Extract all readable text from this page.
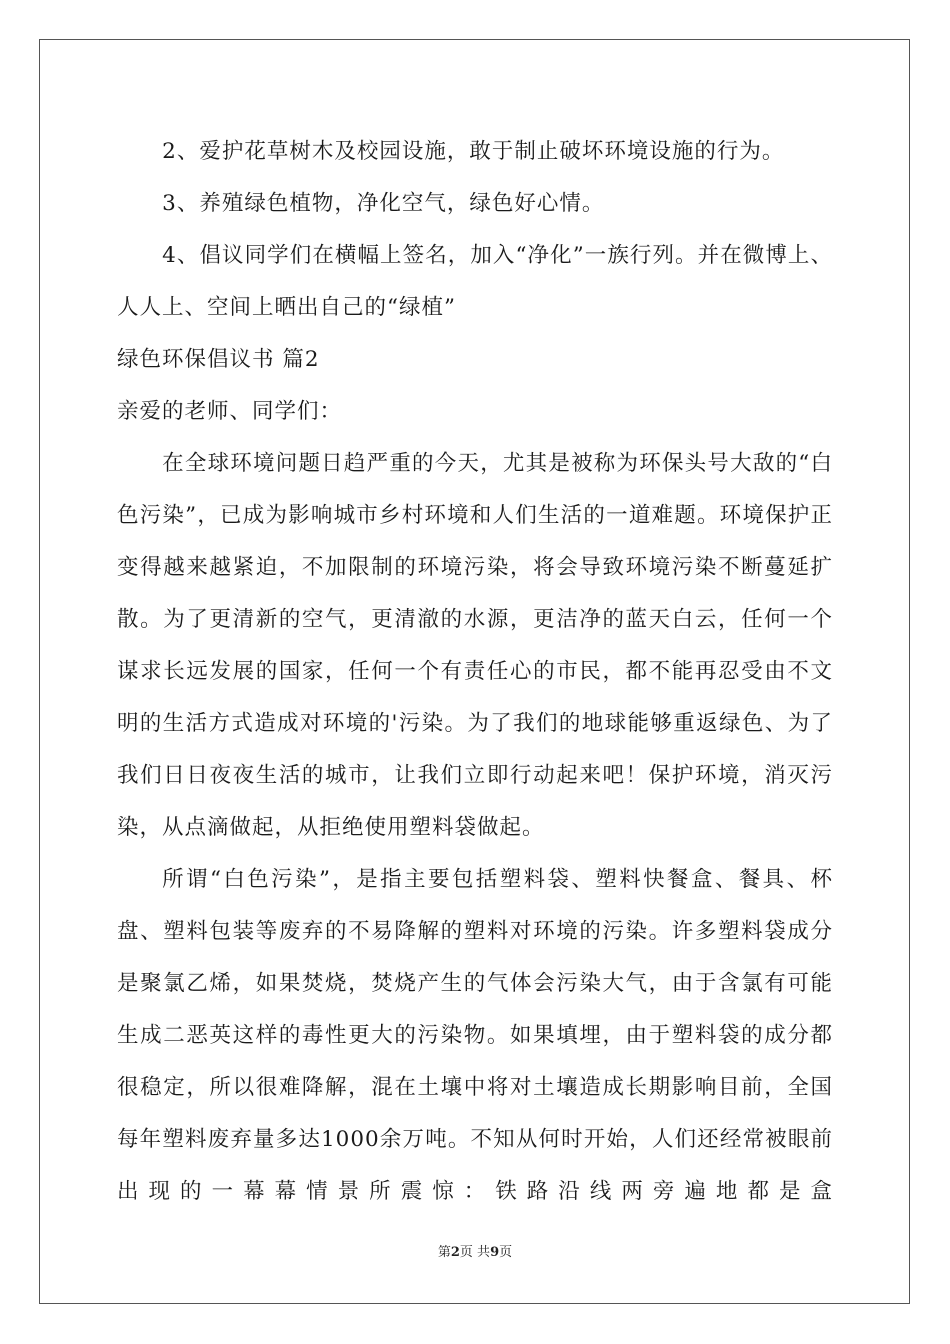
2、爱护花草树木及校园设施，敢于制止破坏环境设施的行为。

3、养殖绿色植物，净化空气，绿色好心情。

4、倡议同学们在横幅上签名，加入“净化”一族行列。并在微博上、人人上、空间上晒出自己的“绿植”

绿色环保倡议书 篇2

亲爱的老师、同学们：

在全球环境问题日趋严重的今天，尤其是被称为环保头号大敌的“白色污染”，已成为影响城市乡村环境和人们生活的一道难题。环境保护正变得越来越紧迫，不加限制的环境污染，将会导致环境污染不断蔓延扩散。为了更清新的空气，更清澈的水源，更洁净的蓝天白云，任何一个谋求长远发展的国家，任何一个有责任心的市民，都不能再忍受由不文明的生活方式造成对环境的'污染。为了我们的地球能够重返绿色、为了我们日日夜夜生活的城市，让我们立即行动起来吧！保护环境，消灭污染，从点滴做起，从拒绝使用塑料袋做起。

所谓“白色污染”，是指主要包括塑料袋、塑料快餐盒、餐具、杯盘、塑料包装等废弃的不易降解的塑料对环境的污染。许多塑料袋成分是聚氯乙烯，如果焚烧，焚烧产生的气体会污染大气，由于含氯有可能生成二恶英这样的毒性更大的污染物。如果填埋，由于塑料袋的成分都很稳定，所以很难降解，混在土壤中将对土壤造成长期影响目前，全国每年塑料废弃量多达1000余万吨。不知从何时开始，人们还经常被眼前出现的一幕幕情景所震惊：铁路沿线两旁遍地都是盒

第2页 共9页
